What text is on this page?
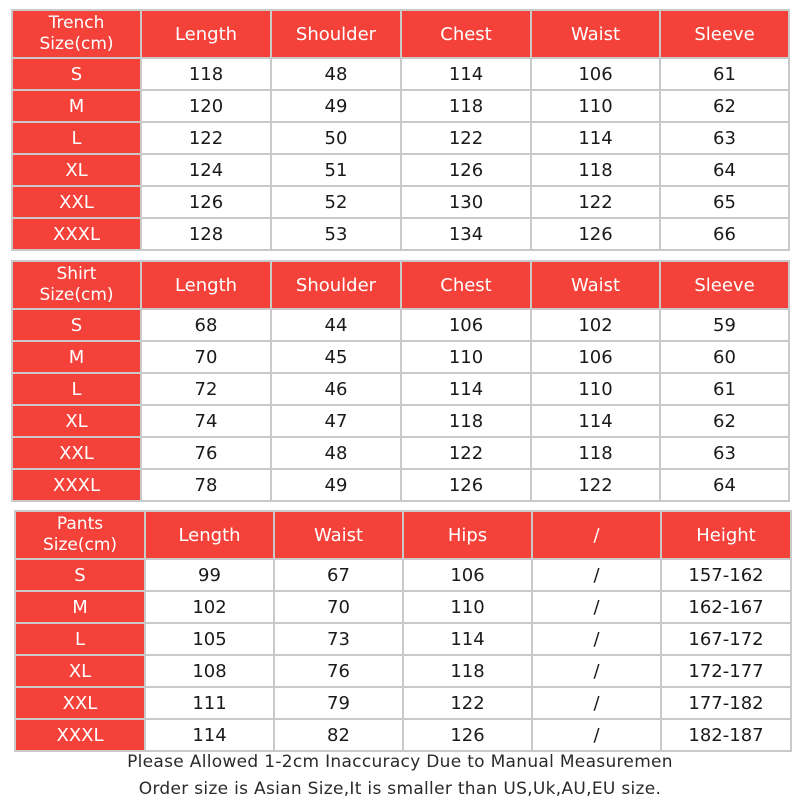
Trench
Size(cm)	Length	Shoulder	Chest	Waist	Sleeve
S	118	48	114	106	61
M	120	49	118	110	62
L	122	50	122	114	63
XL	124	51	126	118	64
XXL	126	52	130	122	65
XXXL	128	53	134	126	66
Shirt
Size(cm)	Length	Shoulder	Chest	Waist	Sleeve
S	68	44	106	102	59
M	70	45	110	106	60
L	72	46	114	110	61
XL	74	47	118	114	62
XXL	76	48	122	118	63
XXXL	78	49	126	122	64
Pants
Size(cm)	Length	Waist	Hips	/	Height
S	99	67	106	/	157-162
M	102	70	110	/	162-167
L	105	73	114	/	167-172
XL	108	76	118	/	172-177
XXL	111	79	122	/	177-182
XXXL	114	82	126	/	182-187
Please Allowed 1-2cm Inaccuracy Due to Manual Measuremen
Order size is Asian Size,It is smaller than US,Uk,AU,EU size.
